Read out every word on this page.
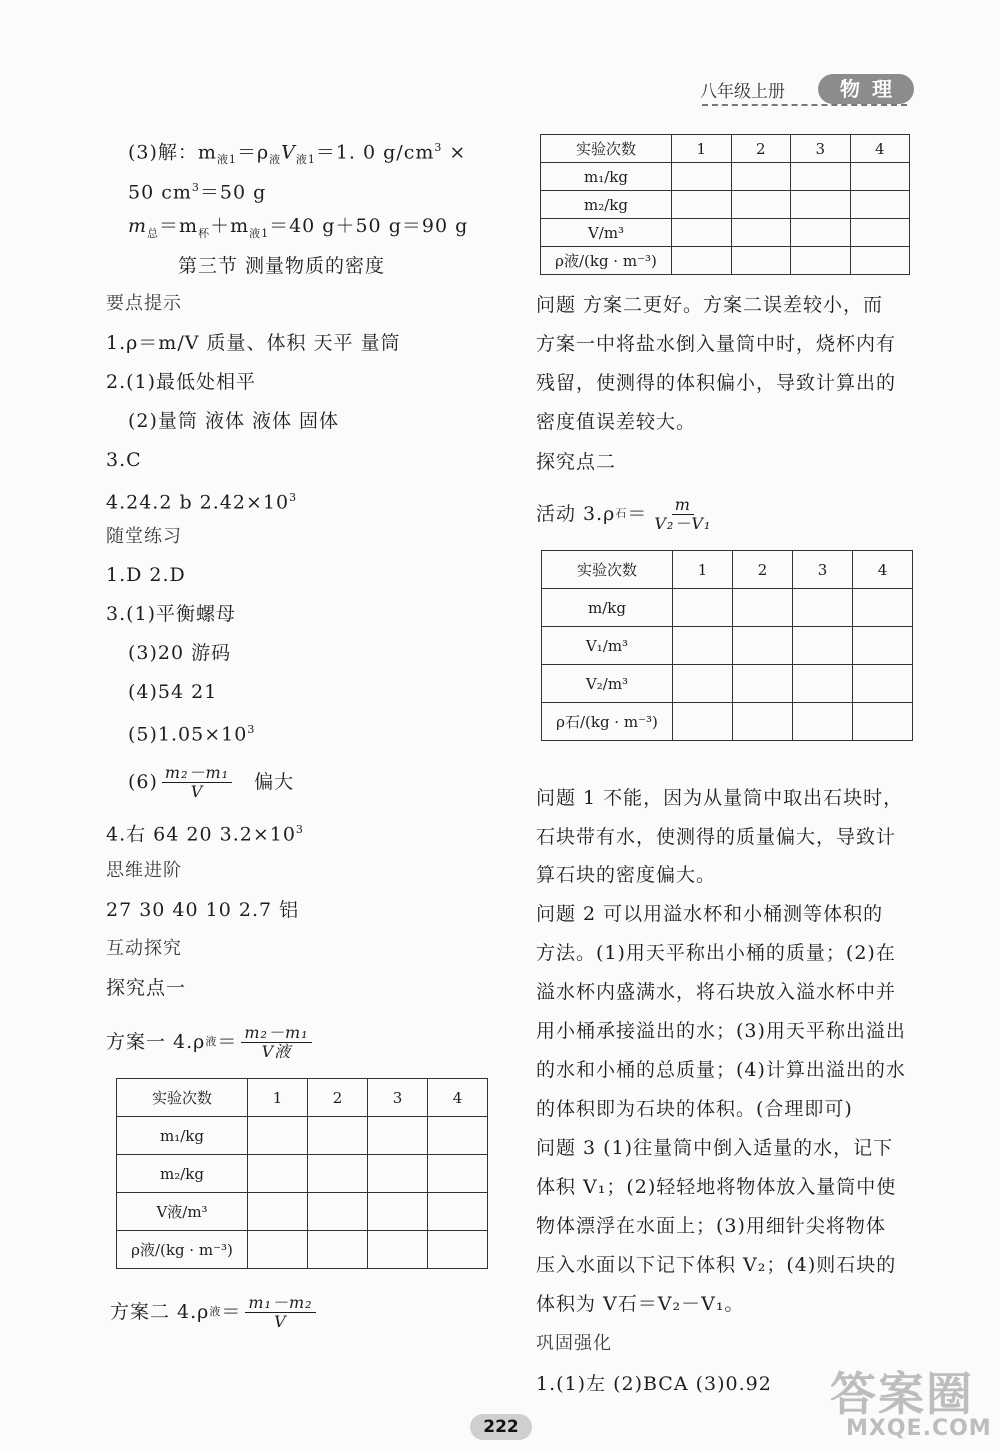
八年级上册	物理
(3)解：$m_{液1}=\rho_液V_{液1}=1$. 0 $g/cm^3$ ×
50 $cm^3=50$ g
$m_总=m_杯+m_{液1}=40$ g＋50 g＝90 g
第三节 测量物质的密度
要点提示
1.ρ＝m/V 质量、体积 天平 量筒
2.(1)最低处相平
(2)量筒 液体 液体 固体
3.C
4.24.2 b $2.42\times 10^3$
随堂练习
1.D 2.D
3.(1)平衡螺母
(3)20 游码
(4)54 21
$(5)1.05\times 10^3$
$(6) \frac{\text{m₂－m₁}}{V}$ 偏大
4.右 64 20 $3.2\times 10^3$
思维进阶
27 30 40 10 2.7 铝
互动探究
探究点一
方案一 4.ρ 液 ＝ $\frac{\text{m₂－m₁}}{\text{V液}}$
实验次数	1	2	3	4
m₁/kg				
m₂/kg				
V液/m³				
ρ液/(kg · m⁻³)				
方案二 4.ρ 液 ＝ $\frac{\text{m₁－m₂}}{V}$
实验次数	1	2	3	4
m₁/kg				
m₂/kg				
V/m³				
ρ液/(kg · m⁻³)				
问题 方案二更好。方案二误差较小，而
方案一中将盐水倒入量筒中时，烧杯内有
残留，使测得的体积偏小，导致计算出的
密度值误差较大。
探究点二
活动 3.ρ 石 ＝ $\frac{m}{\text{V₂－V₁}}$
实验次数	1	2	3	4
m/kg				
V₁/m³				
V₂/m³				
ρ石/(kg · m⁻³)				
问题 1 不能，因为从量筒中取出石块时，
石块带有水，使测得的质量偏大，导致计
算石块的密度偏大。
问题 2 可以用溢水杯和小桶测等体积的
方法。(1)用天平称出小桶的质量；(2)在
溢水杯内盛满水，将石块放入溢水杯中并
用小桶承接溢出的水；(3)用天平称出溢出
的水和小桶的总质量；(4)计算出溢出的水
的体积即为石块的体积。(合理即可)
问题 3 (1)往量筒中倒入适量的水，记下
体积 V₁；(2)轻轻地将物体放入量筒中使
物体漂浮在水面上；(3)用细针尖将物体
压入水面以下记下体积 V₂；(4)则石块的
体积为 V石＝V₂－V₁。
巩固强化
1.(1)左 (2)BCA (3)0.92
222
答案圈
MXQE.COM
